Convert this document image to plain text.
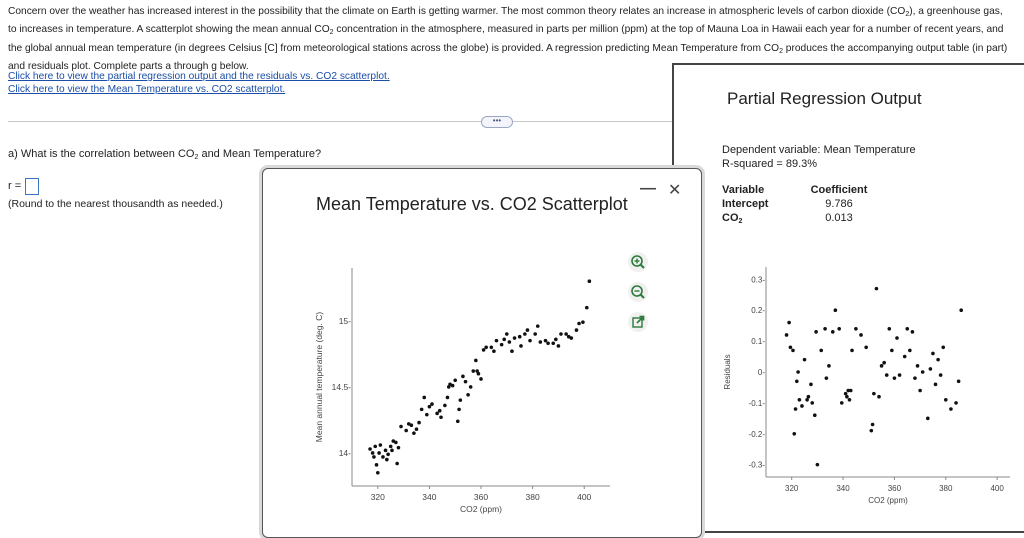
Concern over the weather has increased interest in the possibility that the climate on Earth is getting warmer. The most common theory relates an increase in atmospheric levels of carbon dioxide $(CO_2)$, a greenhouse gas, to increases in temperature. A scatterplot showing the mean annual $CO_2$ concentration in the atmosphere, measured in parts per million (ppm) at the top of Mauna Loa in Hawaii each year for a number of recent years, and the global annual mean temperature (in degrees Celsius [C] from meteorological stations across the globe) is provided. A regression predicting Mean Temperature from $CO_2$ produces the accompanying output table (in part) and residuals plot. Complete parts a through g below.
Click here to view the partial regression output and the residuals vs. CO2 scatterplot.
Click here to view the Mean Temperature vs. CO2 scatterplot.
•••
a) What is the correlation between $CO_2$ and Mean Temperature?
r =
(Round to the nearest thousandth as needed.)
Partial Regression Output
Dependent variable: Mean Temperature
R-squared = 89.3%
Variable	Coefficient
Intercept	9.786
$CO_2$	0.013
320	340	360	380	400
-0.3-
-0.2-
-0.1-
0-
0.1-
0.2-
0.3-
CO2 (ppm)
Residuals
Mean Temperature vs. CO2 Scatterplot
— ✕
320	340	360	380	400
14-
14.5-
15-
CO2 (ppm)
Mean annual temperature (deg. C)
